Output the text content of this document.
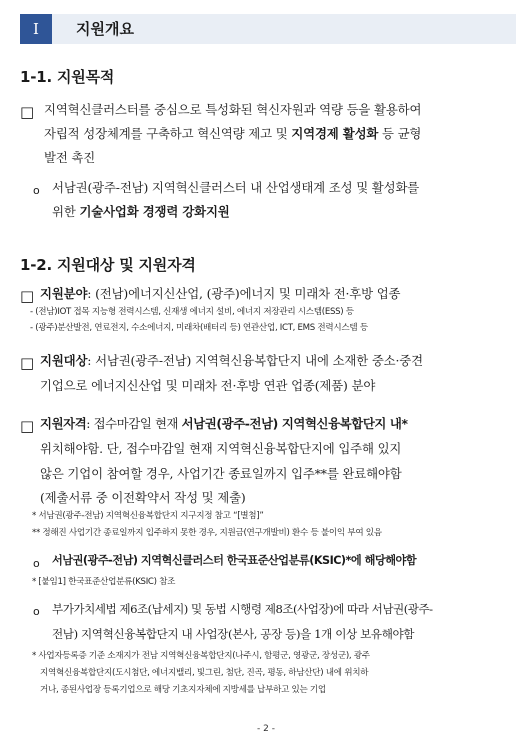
Ⅰ	지원개요
1-1. 지원목적
□ 지역혁신클러스터를 중심으로 특성화된 혁신자원과 역량 등을 활용하여
자립적 성장체계를 구축하고 혁신역량 제고 및 지역경제 활성화 등 균형
발전 촉진
o 서남권(광주-전남) 지역혁신클러스터 내 산업생태계 조성 및 활성화를
위한 기술사업화 경쟁력 강화지원
1-2. 지원대상 및 지원자격
□ 지원분야: (전남)에너지신산업, (광주)에너지 및 미래차 전·후방 업종
- (전남)IOT 접목 지능형 전력시스템, 신재생 에너지 설비, 에너지 저장관리 시스템(ESS) 등
- (광주)분산발전, 연료전지, 수소에너지, 미래차(배터리 등) 연관산업, ICT, EMS 전력시스템 등
□ 지원대상: 서남권(광주-전남) 지역혁신융복합단지 내에 소재한 중소·중견
기업으로 에너지신산업 및 미래차 전·후방 연관 업종(제품) 분야
□ 지원자격: 접수마감일 현재 서남권(광주-전남) 지역혁신융복합단지 내*
위치해야함. 단, 접수마감일 현재 지역혁신융복합단지에 입주해 있지
않은 기업이 참여할 경우, 사업기간 종료일까지 입주**를 완료해야함
(제출서류 중 이전확약서 작성 및 제출)
* 서남권(광주-전남) 지역혁신융복합단지 지구지정 참고 “[별첨]”
** 정해진 사업기간 종료일까지 입주하지 못한 경우, 지원금(연구개발비) 환수 등 불이익 부여 있음
o 서남권(광주-전남) 지역혁신클러스터 한국표준산업분류(KSIC)*에 해당해야함
* [붙임1] 한국표준산업분류(KSIC) 참조
o 부가가치세법 제6조(납세지) 및 동법 시행령 제8조(사업장)에 따라 서남권(광주-
전남) 지역혁신융복합단지 내 사업장(본사, 공장 등)을 1개 이상 보유해야함
* 사업자등록증 기준 소재지가 전남 지역혁신융복합단지(나주시, 함평군, 영광군, 장성군), 광주
지역혁신융복합단지(도시첨단, 에너지밸리, 빛그린, 첨단, 진곡, 평동, 하남산단) 내에 위치하
거나, 종된사업장 등록기업으로 해당 기초지자체에 지방세를 납부하고 있는 기업
- 2 -
